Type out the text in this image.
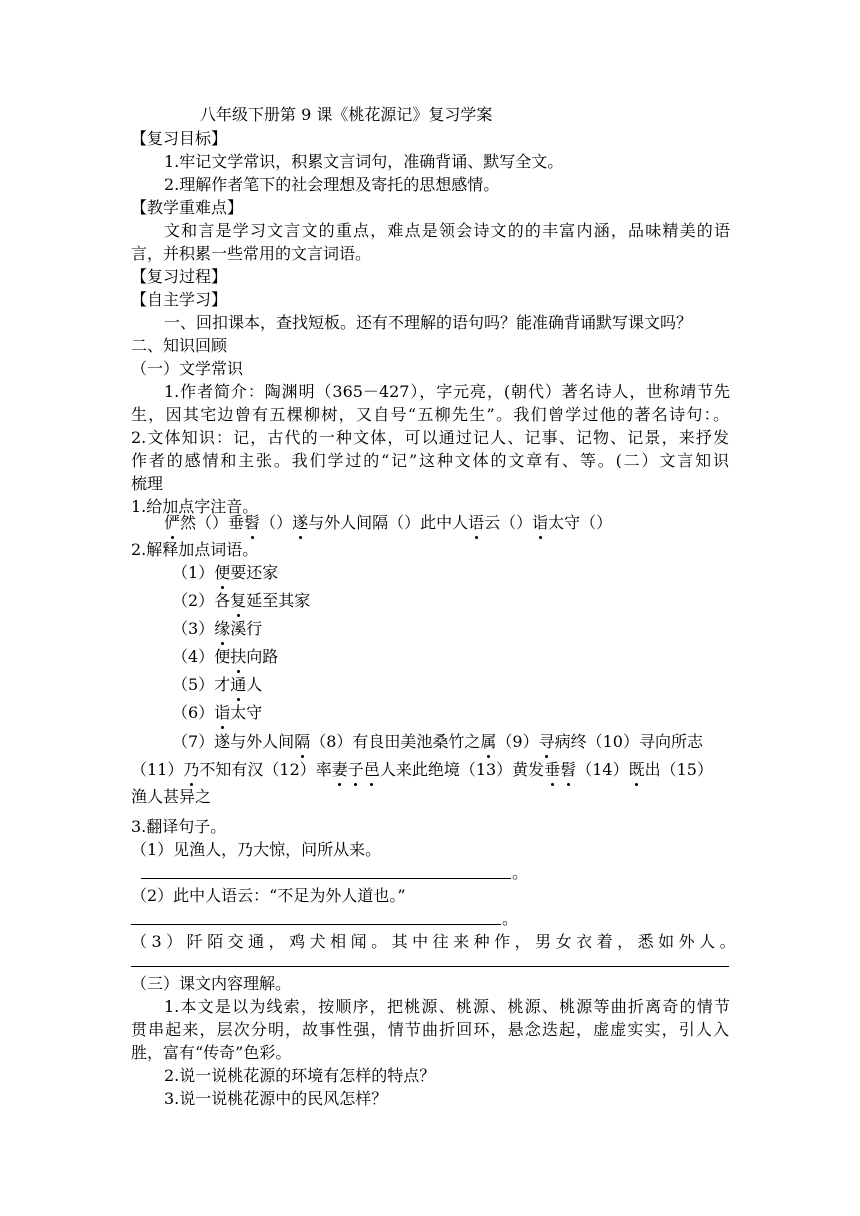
八年级下册第 9 课《桃花源记》复习学案
【复习目标】
1.牢记文学常识，积累文言词句，准确背诵、默写全文。
2.理解作者笔下的社会理想及寄托的思想感情。
【教学重难点】
文和言是学习文言文的重点，难点是领会诗文的的丰富内涵，品味精美的语
言，并积累一些常用的文言词语。
【复习过程】
【自主学习】
一、回扣课本，查找短板。还有不理解的语句吗？能准确背诵默写课文吗？
二、知识回顾
（一）文学常识
1.作者简介：陶渊明（365－427），字元亮，(朝代）著名诗人，世称靖节先
生，因其宅边曾有五棵柳树，又自号“五柳先生”。我们曾学过他的著名诗句：。
2.文体知识：记，古代的一种文体，可以通过记人、记事、记物、记景，来抒发
作者的感情和主张。我们学过的“记”这种文体的文章有、等。(二）文言知识
梳理
1.给加点字注音。
俨然（）垂髫（）遂与外人间隔（）此中人语云（）诣太守（）
2.解释加点词语。
（1）便要还家
（2）各复延至其家
（3）缘溪行
（4）便扶向路
（5）才通人
（6）诣太守
（7）遂与外人间隔（8）有良田美池桑竹之属（9）寻病终（10）寻向所志
（11）乃不知有汉（12）率妻子邑人来此绝境（13）黄发垂髫（14）既出（15）
渔人甚异之
3.翻译句子。
（1）见渔人，乃大惊，问所从来。
。
（2）此中人语云：“不足为外人道也。”
。
（3）阡陌交通，鸡犬相闻。其中往来种作，男女衣着，悉如外人。
（三）课文内容理解。
1.本文是以为线索，按顺序，把桃源、桃源、桃源、桃源等曲折离奇的情节
贯串起来，层次分明，故事性强，情节曲折回环，悬念迭起，虚虚实实，引人入
胜，富有“传奇”色彩。
2.说一说桃花源的环境有怎样的特点？
3.说一说桃花源中的民风怎样？
